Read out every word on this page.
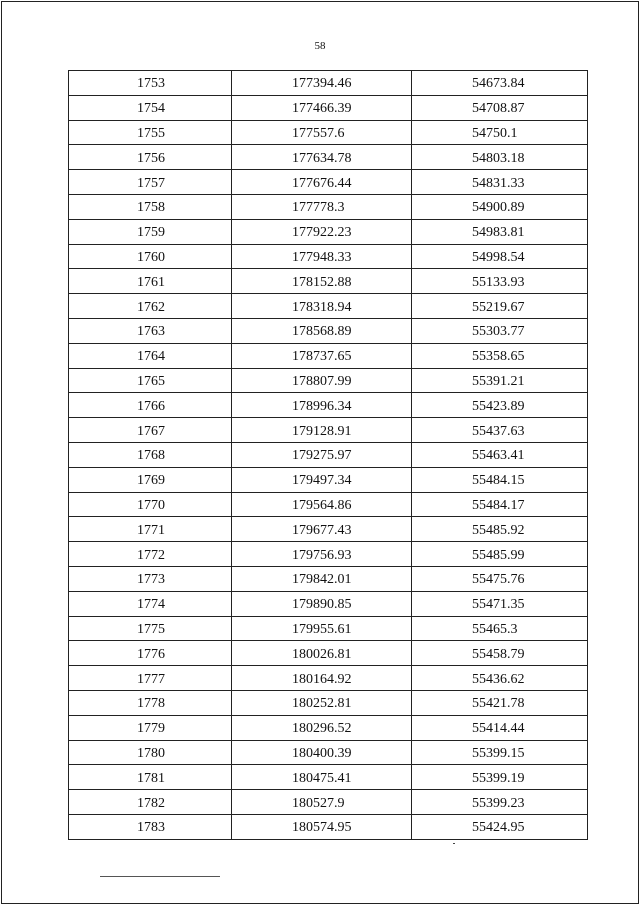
58
1753	177394.46	54673.84

1754	177466.39	54708.87

1755	177557.6	54750.1

1756	177634.78	54803.18

1757	177676.44	54831.33

1758	177778.3	54900.89

1759	177922.23	54983.81

1760	177948.33	54998.54

1761	178152.88	55133.93

1762	178318.94	55219.67

1763	178568.89	55303.77

1764	178737.65	55358.65

1765	178807.99	55391.21

1766	178996.34	55423.89

1767	179128.91	55437.63

1768	179275.97	55463.41

1769	179497.34	55484.15

1770	179564.86	55484.17

1771	179677.43	55485.92

1772	179756.93	55485.99

1773	179842.01	55475.76

1774	179890.85	55471.35

1775	179955.61	55465.3

1776	180026.81	55458.79

1777	180164.92	55436.62

1778	180252.81	55421.78

1779	180296.52	55414.44

1780	180400.39	55399.15

1781	180475.41	55399.19

1782	180527.9	55399.23

1783	180574.95	55424.95
